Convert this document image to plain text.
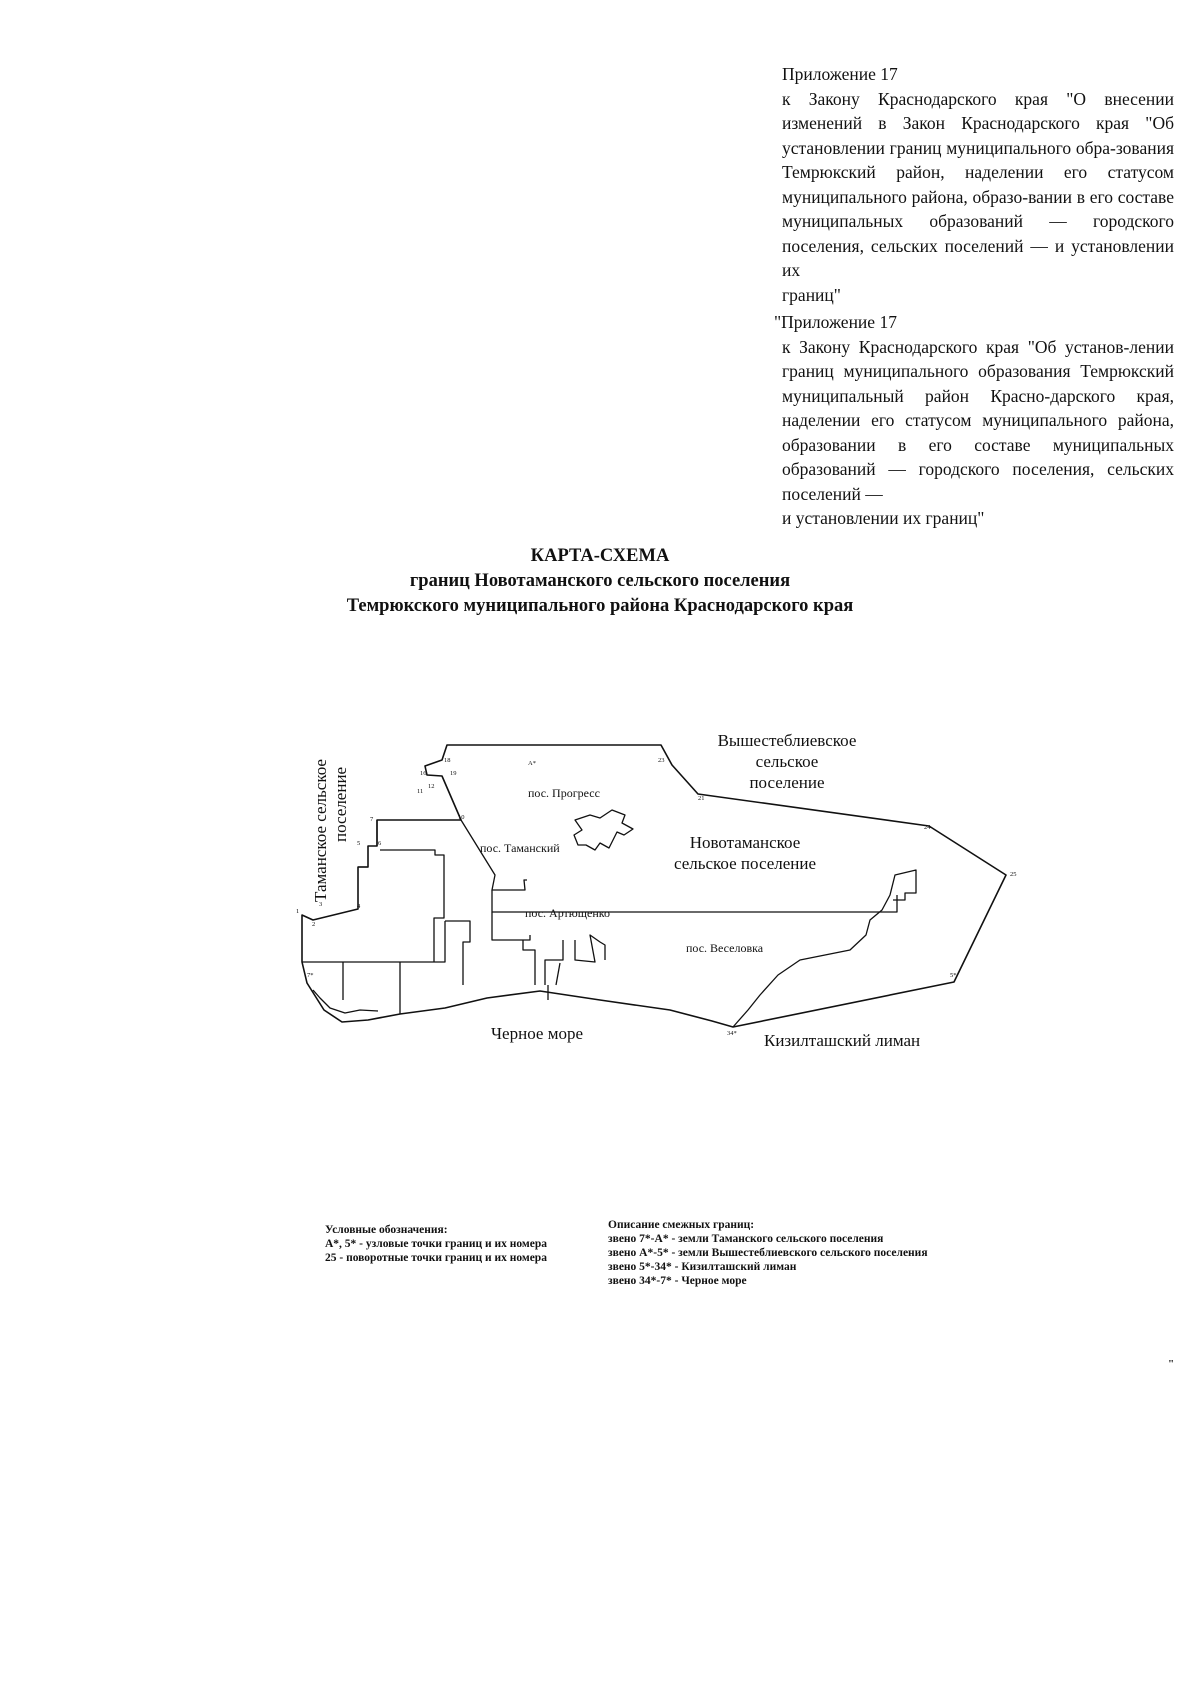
Приложение 17
к Закону Краснодарского края "О внесении изменений в Закон Краснодарского края "Об установлении границ муниципального обра-зования Темрюкский район, наделении его статусом муниципального района, образо-вании в его составе муниципальных образований — городского поселения, сельских поселений — и установлении их
границ"
"Приложение 17
к Закону Краснодарского края "Об установ-лении границ муниципального образования Темрюкский муниципальный район Красно-дарского края, наделении его статусом муниципального района, образовании в его составе муниципальных образований — городского поселения, сельских поселений —
и установлении их границ"
КАРТА-СХЕМА
границ Новотаманского сельского поселения
Темрюкского муниципального района Краснодарского края
1
2
3	4
5	6
7	10
11
12
16
18
19
A*	23
21
24
25
5*
34*
7*
пос. Прогресс
пос. Таманский
пос. Артющенко
пос. Веселовка
Новотаманское
сельское поселение
Вышестеблиевское
сельское
поселение
Таманское сельское поселение
Черное море	Кизилташский лиман
Условные обозначения:
А*, 5* - узловые точки границ и их номера
25 - поворотные точки границ и их номера
Описание смежных границ:
звено 7*-А* - земли Таманского сельского поселения
звено А*-5* - земли Вышестеблиевского сельского поселения
звено 5*-34* - Кизилташский лиман
звено 34*-7* - Черное море
"
